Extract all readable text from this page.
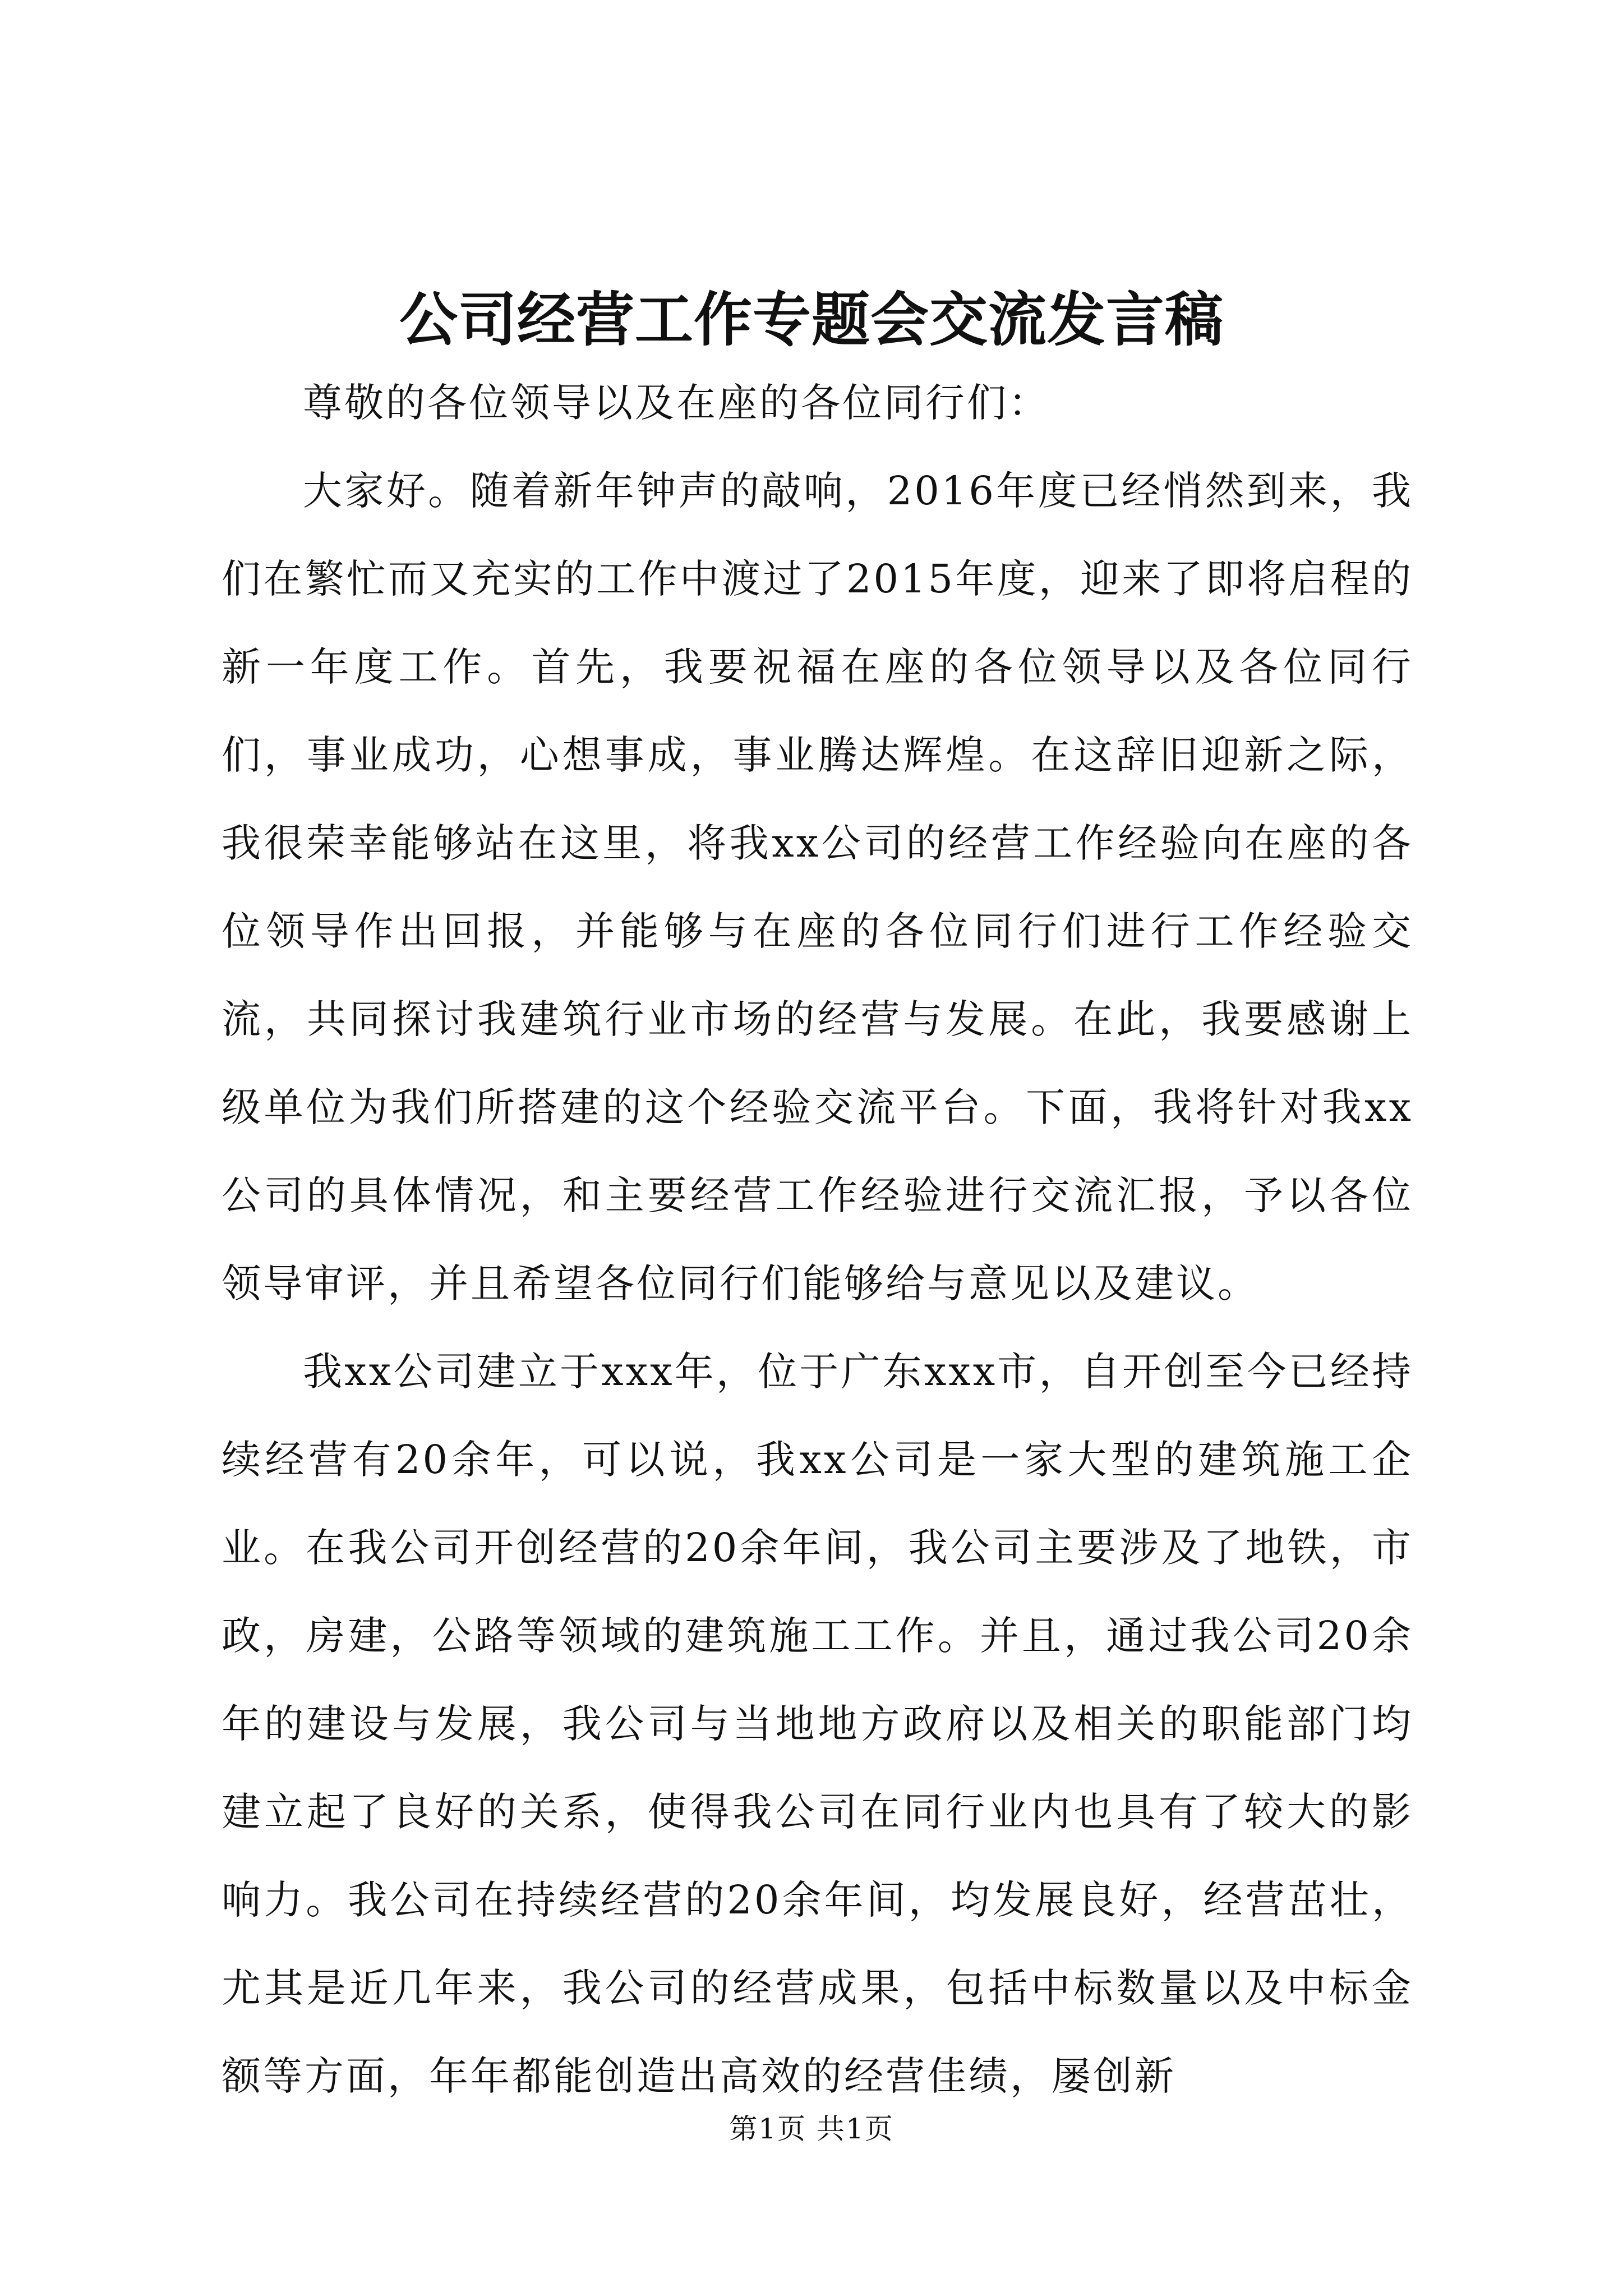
公司经营工作专题会交流发言稿

尊敬的各位领导以及在座的各位同行们：

大家好。随着新年钟声的敲响，2016年度已经悄然到来，我们在繁忙而又充实的工作中渡过了2015年度，迎来了即将启程的新一年度工作。首先，我要祝福在座的各位领导以及各位同行们，事业成功，心想事成，事业腾达辉煌。在这辞旧迎新之际，我很荣幸能够站在这里，将我xx公司的经营工作经验向在座的各位领导作出回报，并能够与在座的各位同行们进行工作经验交流，共同探讨我建筑行业市场的经营与发展。在此，我要感谢上级单位为我们所搭建的这个经验交流平台。下面，我将针对我xx公司的具体情况，和主要经营工作经验进行交流汇报，予以各位领导审评，并且希望各位同行们能够给与意见以及建议。

我xx公司建立于xxx年，位于广东xxx市，自开创至今已经持续经营有20余年，可以说，我xx公司是一家大型的建筑施工企业。在我公司开创经营的20余年间，我公司主要涉及了地铁，市政，房建，公路等领域的建筑施工工作。并且，通过我公司20余年的建设与发展，我公司与当地地方政府以及相关的职能部门均建立起了良好的关系，使得我公司在同行业内也具有了较大的影响力。我公司在持续经营的20余年间，均发展良好，经营茁壮，尤其是近几年来，我公司的经营成果，包括中标数量以及中标金额等方面，年年都能创造出高效的经营佳绩，屡创新

第1页 共1页
